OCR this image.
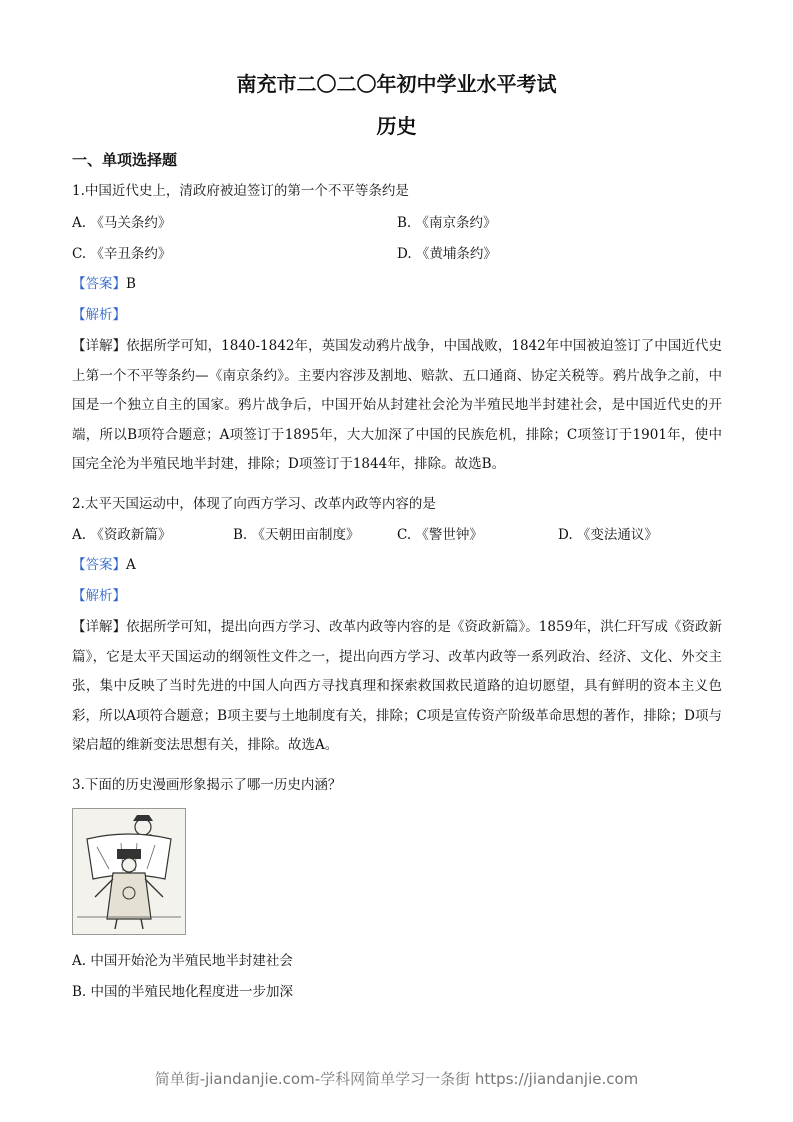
南充市二〇二〇年初中学业水平考试
历史
一、单项选择题
1.中国近代史上，清政府被迫签订的第一个不平等条约是
A. 《马关条约》	B. 《南京条约》
C. 《辛丑条约》	D. 《黄埔条约》
【答案】B
【解析】
【详解】依据所学可知，1840-1842年，英国发动鸦片战争，中国战败，1842年中国被迫签订了中国近代史上第一个不平等条约—《南京条约》。主要内容涉及割地、赔款、五口通商、协定关税等。鸦片战争之前，中国是一个独立自主的国家。鸦片战争后，中国开始从封建社会沦为半殖民地半封建社会，是中国近代史的开端，所以B项符合题意；A项签订于1895年，大大加深了中国的民族危机，排除；C项签订于1901年，使中国完全沦为半殖民地半封建，排除；D项签订于1844年，排除。故选B。
2.太平天国运动中，体现了向西方学习、改革内政等内容的是
A. 《资政新篇》	B. 《天朝田亩制度》	C. 《警世钟》	D. 《变法通议》
【答案】A
【解析】
【详解】依据所学可知，提出向西方学习、改革内政等内容的是《资政新篇》。1859年，洪仁玕写成《资政新篇》，它是太平天国运动的纲领性文件之一，提出向西方学习、改革内政等一系列政治、经济、文化、外交主张，集中反映了当时先进的中国人向西方寻找真理和探索救国救民道路的迫切愿望，具有鲜明的资本主义色彩，所以A项符合题意；B项主要与土地制度有关，排除；C项是宣传资产阶级革命思想的著作，排除；D项与梁启超的维新变法思想有关，排除。故选A。
3.下面的历史漫画形象揭示了哪一历史内涵？
A. 中国开始沦为半殖民地半封建社会
B. 中国的半殖民地化程度进一步加深
简单街-jiandanjie.com-学科网简单学习一条街 https://jiandanjie.com
